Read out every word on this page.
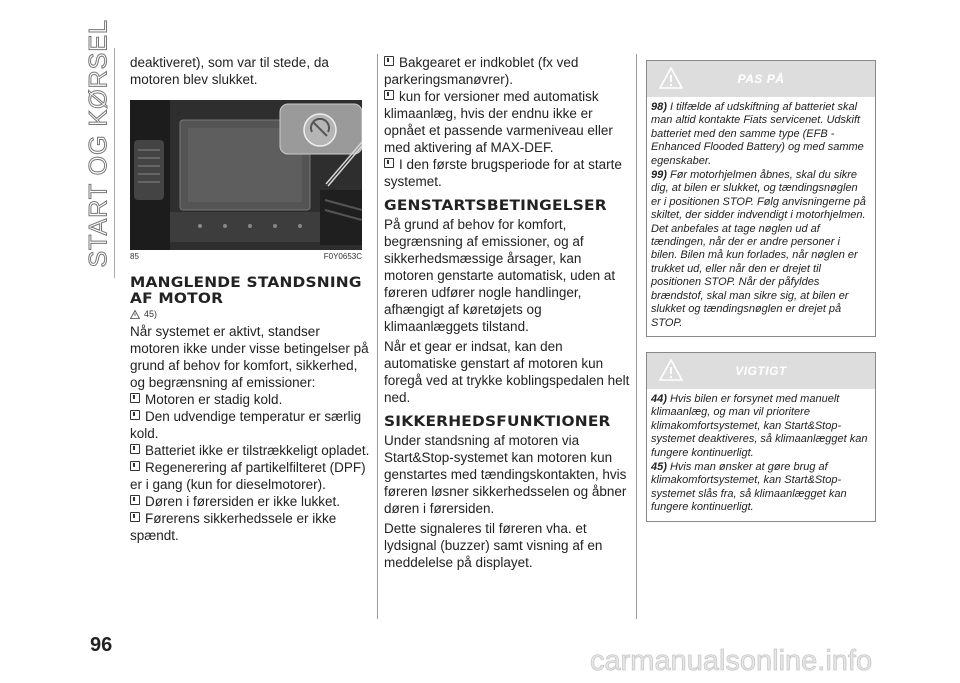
START OG KØRSEL deaktiveret), som var til stede, da motoren blev slukket.

85	F0Y0653C
MANGLENDE STANDSNING AF MOTOR
45)

Når systemet er aktivt, standser motoren ikke under visse betingelser på grund af behov for komfort, sikkerhed, og begrænsning af emissioner:

Motoren er stadig kold.

Den udvendige temperatur er særlig kold.

Batteriet ikke er tilstrækkeligt opladet.

Regenerering af partikelfilteret (DPF) er i gang (kun for dieselmotorer).

Døren i førersiden er ikke lukket.

Førerens sikkerhedssele er ikke spændt.

Bakgearet er indkoblet (fx ved parkeringsmanøvrer).

kun for versioner med automatisk klimaanlæg, hvis der endnu ikke er opnået et passende varmeniveau eller med aktivering af MAX-DEF.

I den første brugsperiode for at starte systemet.

GENSTARTSBETINGELSER

På grund af behov for komfort, begrænsning af emissioner, og af sikkerhedsmæssige årsager, kan motoren genstarte automatisk, uden at føreren udfører nogle handlinger, afhængigt af køretøjets og klimaanlæggets tilstand.

Når et gear er indsat, kan den automatiske genstart af motoren kun foregå ved at trykke koblingspedalen helt ned.

SIKKERHEDSFUNKTIONER

Under standsning af motoren via Start&Stop-systemet kan motoren kun genstartes med tændingskontakten, hvis føreren løsner sikkerhedsselen og åbner døren i førersiden.

Dette signaleres til føreren vha. et lydsignal (buzzer) samt visning af en meddelelse på displayet.

PAS PÅ

98) I tilfælde af udskiftning af batteriet skal man altid kontakte Fiats servicenet. Udskift batteriet med den samme type (EFB - Enhanced Flooded Battery) og med samme egenskaber.

99) Før motorhjelmen åbnes, skal du sikre dig, at bilen er slukket, og tændingsnøglen er i positionen STOP. Følg anvisningerne på skiltet, der sidder indvendigt i motorhjelmen. Det anbefales at tage nøglen ud af tændingen, når der er andre personer i bilen. Bilen må kun forlades, når nøglen er trukket ud, eller når den er drejet til positionen STOP. Når der påfyldes brændstof, skal man sikre sig, at bilen er slukket og tændingsnøglen er drejet på STOP.

VIGTIGT

44) Hvis bilen er forsynet med manuelt klimaanlæg, og man vil prioritere klimakomfortsystemet, kan Start&Stop-systemet deaktiveres, så klimaanlægget kan fungere kontinuerligt.

45) Hvis man ønsker at gøre brug af klimakomfortsystemet, kan Start&Stop-systemet slås fra, så klimaanlægget kan fungere kontinuerligt.

96	carmanualsonline.info
